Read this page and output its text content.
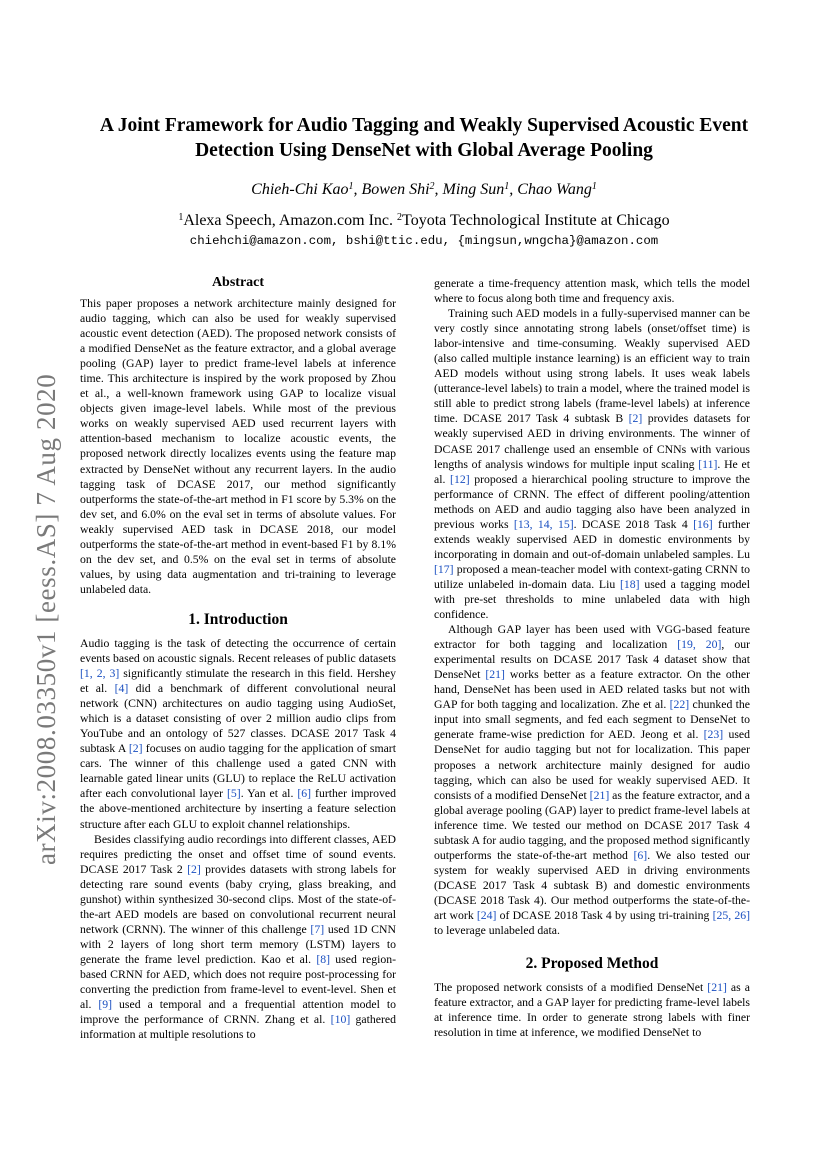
arXiv:2008.03350v1 [eess.AS] 7 Aug 2020
A Joint Framework for Audio Tagging and Weakly Supervised Acoustic Event
Detection Using DenseNet with Global Average Pooling
Chieh-Chi Kao$^1$, Bowen Shi$^2$, Ming Sun$^1$, Chao Wang$^1$
$^1$Alexa Speech, Amazon.com Inc. $^2$Toyota Technological Institute at Chicago
chiehchi@amazon.com, bshi@ttic.edu, {mingsun,wngcha}@amazon.com
Abstract

This paper proposes a network architecture mainly designed for audio tagging, which can also be used for weakly supervised acoustic event detection (AED). The proposed network consists of a modified DenseNet as the feature extractor, and a global average pooling (GAP) layer to predict frame-level labels at inference time. This architecture is inspired by the work proposed by Zhou et al., a well-known framework using GAP to localize visual objects given image-level labels. While most of the previous works on weakly supervised AED used recurrent layers with attention-based mechanism to localize acoustic events, the proposed network directly localizes events using the feature map extracted by DenseNet without any recurrent layers. In the audio tagging task of DCASE 2017, our method significantly outperforms the state-of-the-art method in F1 score by 5.3% on the dev set, and 6.0% on the eval set in terms of absolute values. For weakly supervised AED task in DCASE 2018, our model outperforms the state-of-the-art method in event-based F1 by 8.1% on the dev set, and 0.5% on the eval set in terms of absolute values, by using data augmentation and tri-training to leverage unlabeled data.

1. Introduction

Audio tagging is the task of detecting the occurrence of certain events based on acoustic signals. Recent releases of public datasets [1, 2, 3] significantly stimulate the research in this field. Hershey et al. [4] did a benchmark of different convolutional neural network (CNN) architectures on audio tagging using AudioSet, which is a dataset consisting of over 2 million audio clips from YouTube and an ontology of 527 classes. DCASE 2017 Task 4 subtask A [2] focuses on audio tagging for the application of smart cars. The winner of this challenge used a gated CNN with learnable gated linear units (GLU) to replace the ReLU activation after each convolutional layer [5]. Yan et al. [6] further improved the above-mentioned architecture by inserting a feature selection structure after each GLU to exploit channel relationships.

Besides classifying audio recordings into different classes, AED requires predicting the onset and offset time of sound events. DCASE 2017 Task 2 [2] provides datasets with strong labels for detecting rare sound events (baby crying, glass breaking, and gunshot) within synthesized 30-second clips. Most of the state-of-the-art AED models are based on convolutional recurrent neural network (CRNN). The winner of this challenge [7] used 1D CNN with 2 layers of long short term memory (LSTM) layers to generate the frame level prediction. Kao et al. [8] used region-based CRNN for AED, which does not require post-processing for converting the prediction from frame-level to event-level. Shen et al. [9] used a temporal and a frequential attention model to improve the performance of CRNN. Zhang et al. [10] gathered information at multiple resolutions to

generate a time-frequency attention mask, which tells the model where to focus along both time and frequency axis.

Training such AED models in a fully-supervised manner can be very costly since annotating strong labels (onset/offset time) is labor-intensive and time-consuming. Weakly supervised AED (also called multiple instance learning) is an efficient way to train AED models without using strong labels. It uses weak labels (utterance-level labels) to train a model, where the trained model is still able to predict strong labels (frame-level labels) at inference time. DCASE 2017 Task 4 subtask B [2] provides datasets for weakly supervised AED in driving environments. The winner of DCASE 2017 challenge used an ensemble of CNNs with various lengths of analysis windows for multiple input scaling [11]. He et al. [12] proposed a hierarchical pooling structure to improve the performance of CRNN. The effect of different pooling/attention methods on AED and audio tagging also have been analyzed in previous works [13, 14, 15]. DCASE 2018 Task 4 [16] further extends weakly supervised AED in domestic environments by incorporating in domain and out-of-domain unlabeled samples. Lu [17] proposed a mean-teacher model with context-gating CRNN to utilize unlabeled in-domain data. Liu [18] used a tagging model with pre-set thresholds to mine unlabeled data with high confidence.

Although GAP layer has been used with VGG-based feature extractor for both tagging and localization [19, 20], our experimental results on DCASE 2017 Task 4 dataset show that DenseNet [21] works better as a feature extractor. On the other hand, DenseNet has been used in AED related tasks but not with GAP for both tagging and localization. Zhe et al. [22] chunked the input into small segments, and fed each segment to DenseNet to generate frame-wise prediction for AED. Jeong et al. [23] used DenseNet for audio tagging but not for localization. This paper proposes a network architecture mainly designed for audio tagging, which can also be used for weakly supervised AED. It consists of a modified DenseNet [21] as the feature extractor, and a global average pooling (GAP) layer to predict frame-level labels at inference time. We tested our method on DCASE 2017 Task 4 subtask A for audio tagging, and the proposed method significantly outperforms the state-of-the-art method [6]. We also tested our system for weakly supervised AED in driving environments (DCASE 2017 Task 4 subtask B) and domestic environments (DCASE 2018 Task 4). Our method outperforms the state-of-the-art work [24] of DCASE 2018 Task 4 by using tri-training [25, 26] to leverage unlabeled data.

2. Proposed Method

The proposed network consists of a modified DenseNet [21] as a feature extractor, and a GAP layer for predicting frame-level labels at inference time. In order to generate strong labels with finer resolution in time at inference, we modified DenseNet to
